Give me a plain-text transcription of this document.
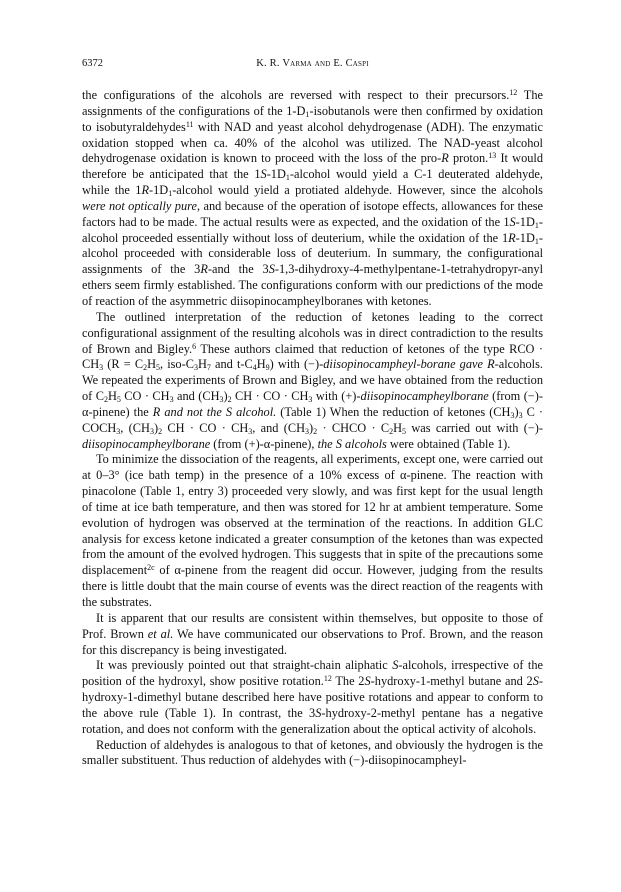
6372	K. R. Varma and E. Caspi

the configurations of the alcohols are reversed with respect to their precursors.$^{12}$ The assignments of the configurations of the $1-D_1$-isobutanols were then confirmed by oxidation to isobutyraldehydes$^{11}$ with NAD and yeast alcohol dehydrogenase (ADH). The enzymatic oxidation stopped when ca. 40% of the alcohol was utilized. The NAD-yeast alcohol dehydrogenase oxidation is known to proceed with the loss of the pro-R proton.$^{13}$ It would therefore be anticipated that the $1S-1D_1$-alcohol would yield a C-1 deuterated aldehyde, while the $1R-1D_1$-alcohol would yield a protiated aldehyde. However, since the alcohols were not optically pure, and because of the operation of isotope effects, allowances for these factors had to be made. The actual results were as expected, and the oxidation of the $1S-1D_1$-alcohol proceeded essentially without loss of deuterium, while the oxidation of the $1R-1D_1$-alcohol proceeded with considerable loss of deuterium. In summary, the configurational assignments of the 3R-and the 3S-1,3-dihydroxy-4-methylpentane-1-tetrahydropyr-anyl ethers seem firmly established. The configurations conform with our predictions of the mode of reaction of the asymmetric diisopinocampheylboranes with ketones.

The outlined interpretation of the reduction of ketones leading to the correct configurational assignment of the resulting alcohols was in direct contradiction to the results of Brown and Bigley.$^6$ These authors claimed that reduction of ketones of the type RCO · $CH_3$ ($R = C_2H_5$, iso-$C_3H_7$ and $t-C_4H_9$) with (−)-diisopinocampheyl-borane gave R-alcohols. We repeated the experiments of Brown and Bigley, and we have obtained from the reduction of $C_2H_5$ CO · $CH_3$ and $(CH_3)_2$ CH · CO · $CH_3$ with (+)-diisopinocampheylborane (from (−)-α-pinene) the R and not the S alcohol. (Table 1) When the reduction of ketones $(CH_3)_3$ $C \cdot COCH_3$, $(CH_3)_2$ CH · CO · $CH_3$, and $(CH_3)_2$ · CHCO · $C_2H_5$ was carried out with (−)-diisopinocampheylborane (from (+)-α-pinene), the S alcohols were obtained (Table 1).

To minimize the dissociation of the reagents, all experiments, except one, were carried out at 0–3° (ice bath temp) in the presence of a 10% excess of α-pinene. The reaction with pinacolone (Table 1, entry 3) proceeded very slowly, and was first kept for the usual length of time at ice bath temperature, and then was stored for 12 hr at ambient temperature. Some evolution of hydrogen was observed at the termination of the reactions. In addition GLC analysis for excess ketone indicated a greater consumption of the ketones than was expected from the amount of the evolved hydrogen. This suggests that in spite of the precautions some displacement$^{2c}$ of α-pinene from the reagent did occur. However, judging from the results there is little doubt that the main course of events was the direct reaction of the reagents with the substrates.

It is apparent that our results are consistent within themselves, but opposite to those of Prof. Brown et al. We have communicated our observations to Prof. Brown, and the reason for this discrepancy is being investigated.

It was previously pointed out that straight-chain aliphatic S-alcohols, irrespective of the position of the hydroxyl, show positive rotation.$^{12}$ The 2S-hydroxy-1-methyl butane and 2S-hydroxy-1-dimethyl butane described here have positive rotations and appear to conform to the above rule (Table 1). In contrast, the 3S-hydroxy-2-methyl pentane has a negative rotation, and does not conform with the generalization about the optical activity of alcohols.

Reduction of aldehydes is analogous to that of ketones, and obviously the hydrogen is the smaller substituent. Thus reduction of aldehydes with (−)-diisopinocampheyl-
